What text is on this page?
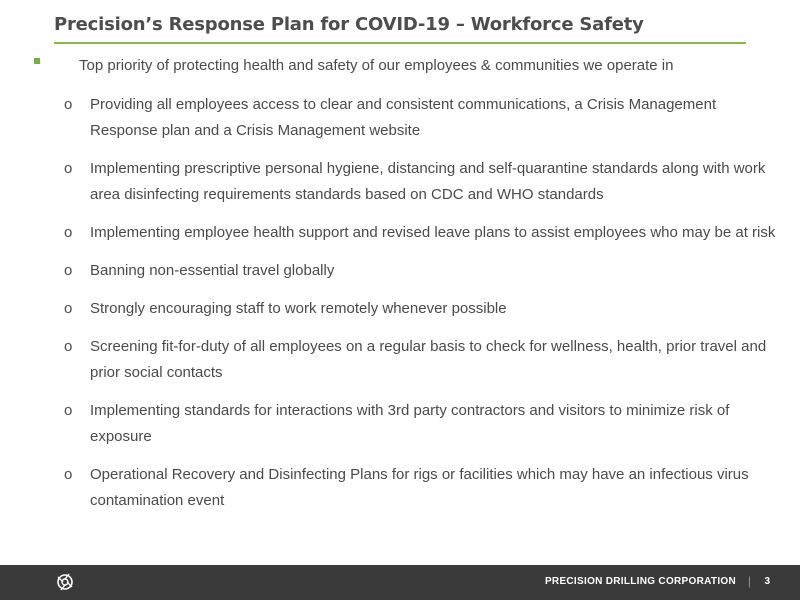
Precision’s Response Plan for COVID-19 – Workforce Safety
Top priority of protecting health and safety of our employees & communities we operate in
o Providing all employees access to clear and consistent communications, a Crisis Management Response plan and a Crisis Management website
o Implementing prescriptive personal hygiene, distancing and self-quarantine standards along with work area disinfecting requirements standards based on CDC and WHO standards
o Implementing employee health support and revised leave plans to assist employees who may be at risk
o Banning non-essential travel globally
o Strongly encouraging staff to work remotely whenever possible
o Screening fit-for-duty of all employees on a regular basis to check for wellness, health, prior travel and prior social contacts
o Implementing standards for interactions with 3rd party contractors and visitors to minimize risk of exposure
o Operational Recovery and Disinfecting Plans for rigs or facilities which may have an infectious virus contamination event
PRECISION DRILLING CORPORATION | 3
